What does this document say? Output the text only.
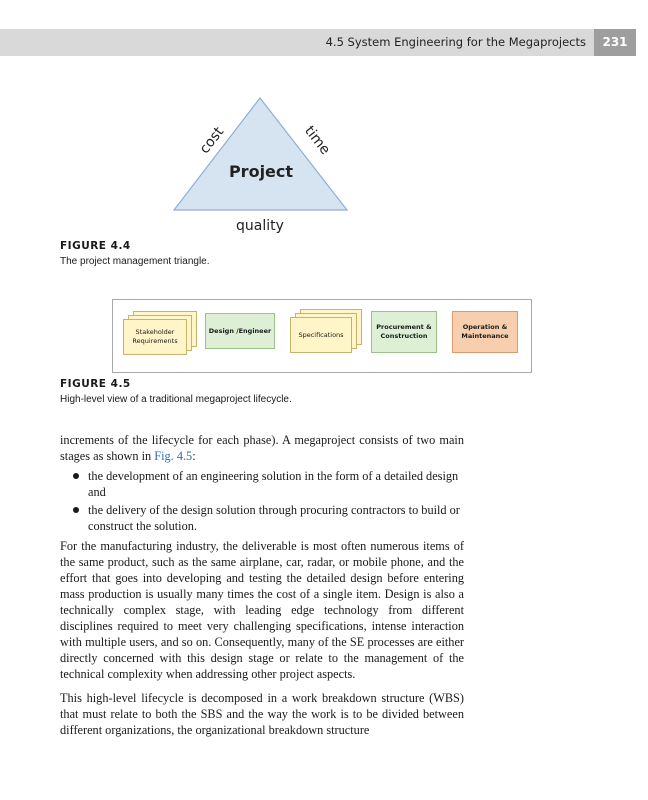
4.5 System Engineering for the Megaprojects	231
Project
cost	time
quality
FIGURE 4.4
The project management triangle.
Stakeholder Requirements
Design /Engineer	Specifications
Procurement & Construction
Operation & Maintenance
FIGURE 4.5
High-level view of a traditional megaproject lifecycle.

increments of the lifecycle for each phase). A megaproject consists of two main stages as shown in Fig. 4.5:

the development of an engineering solution in the form of a detailed design and
the delivery of the design solution through procuring contractors to build or construct the solution.

For the manufacturing industry, the deliverable is most often numerous items of the same product, such as the same airplane, car, radar, or mobile phone, and the effort that goes into developing and testing the detailed design before entering mass production is usually many times the cost of a single item. Design is also a technically complex stage, with leading edge technology from different disciplines required to meet very challenging specifications, intense interaction with multiple users, and so on. Consequently, many of the SE processes are either directly concerned with this design stage or relate to the management of the technical complexity when addressing other project aspects.

This high-level lifecycle is decomposed in a work breakdown structure (WBS) that must relate to both the SBS and the way the work is to be divided between different organizations, the organizational breakdown structure
